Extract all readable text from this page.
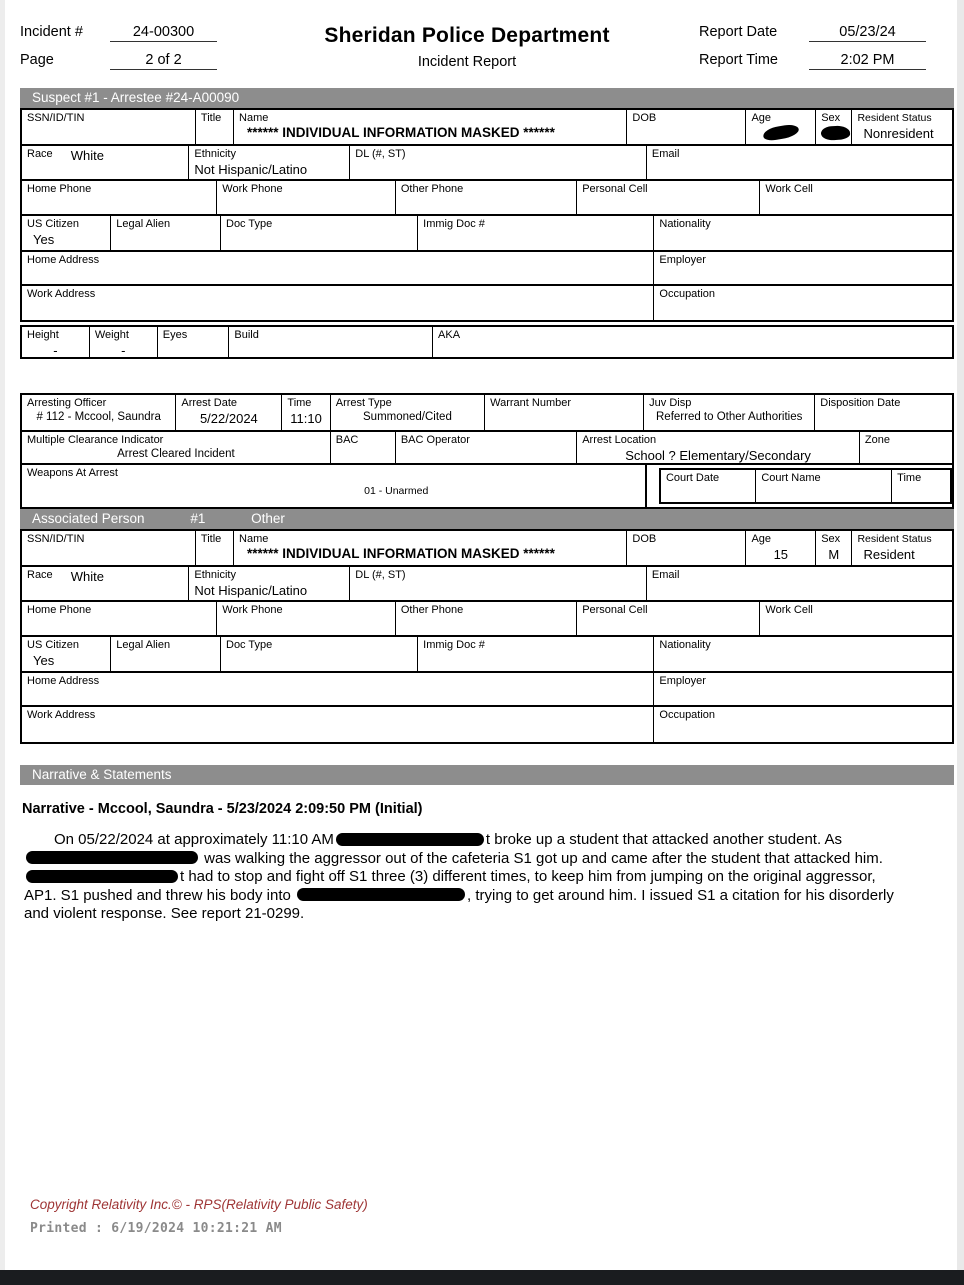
Incident #	24-00300
Page	2 of 2
Sheridan Police Department
Incident Report
Report Date	05/23/24
Report Time	2:02 PM
Suspect #1 - Arrestee #24-A00090
SSN/ID/TIN	Title	Name
****** INDIVIDUAL INFORMATION MASKED ******
DOB	Age	Sex	Resident Status
Nonresident
Race White	Ethnicity
Not Hispanic/Latino
DL (#, ST)	Email
Home Phone	Work Phone	Other Phone	Personal Cell	Work Cell
US Citizen
Yes
Legal Alien	Doc Type	Immig Doc #	Nationality
Home Address	Employer
Work Address	Occupation
Height
-
Weight
-
Eyes	Build	AKA
Arresting Officer
# 112 - Mccool, Saundra
Arrest Date
5/22/2024
Time
11:10
Arrest Type
Summoned/Cited
Warrant Number	Juv Disp
Referred to Other Authorities
Disposition Date
Multiple Clearance Indicator
Arrest Cleared Incident
BAC	BAC Operator	Arrest Location
School ? Elementary/Secondary
Zone
Weapons At Arrest
01 - Unarmed
Court Date	Court Name	Time
Associated Person	#1	Other
SSN/ID/TIN	Title	Name
****** INDIVIDUAL INFORMATION MASKED ******
DOB	Age
15
Sex
M
Resident Status
Resident
Race White	Ethnicity
Not Hispanic/Latino
DL (#, ST)	Email
Home Phone	Work Phone	Other Phone	Personal Cell	Work Cell
US Citizen
Yes
Legal Alien	Doc Type	Immig Doc #	Nationality
Home Address	Employer
Work Address	Occupation
Narrative & Statements
Narrative - Mccool, Saundra - 5/23/2024 2:09:50 PM (Initial)

On 05/22/2024 at approximately 11:10 AM	t broke up a student that attacked another student. As  was walking the aggressor out of the cafeteria S1 got up and came after the student that attacked him. t had to stop and fight off S1 three (3) different times, to keep him from jumping on the original aggressor, AP1. S1 pushed and threw his body into	, trying to get around him. I issued S1 a citation for his disorderly and violent response. See report 21-0299.

Copyright Relativity Inc.© - RPS(Relativity Public Safety)
Printed : 6/19/2024 10:21:21 AM
